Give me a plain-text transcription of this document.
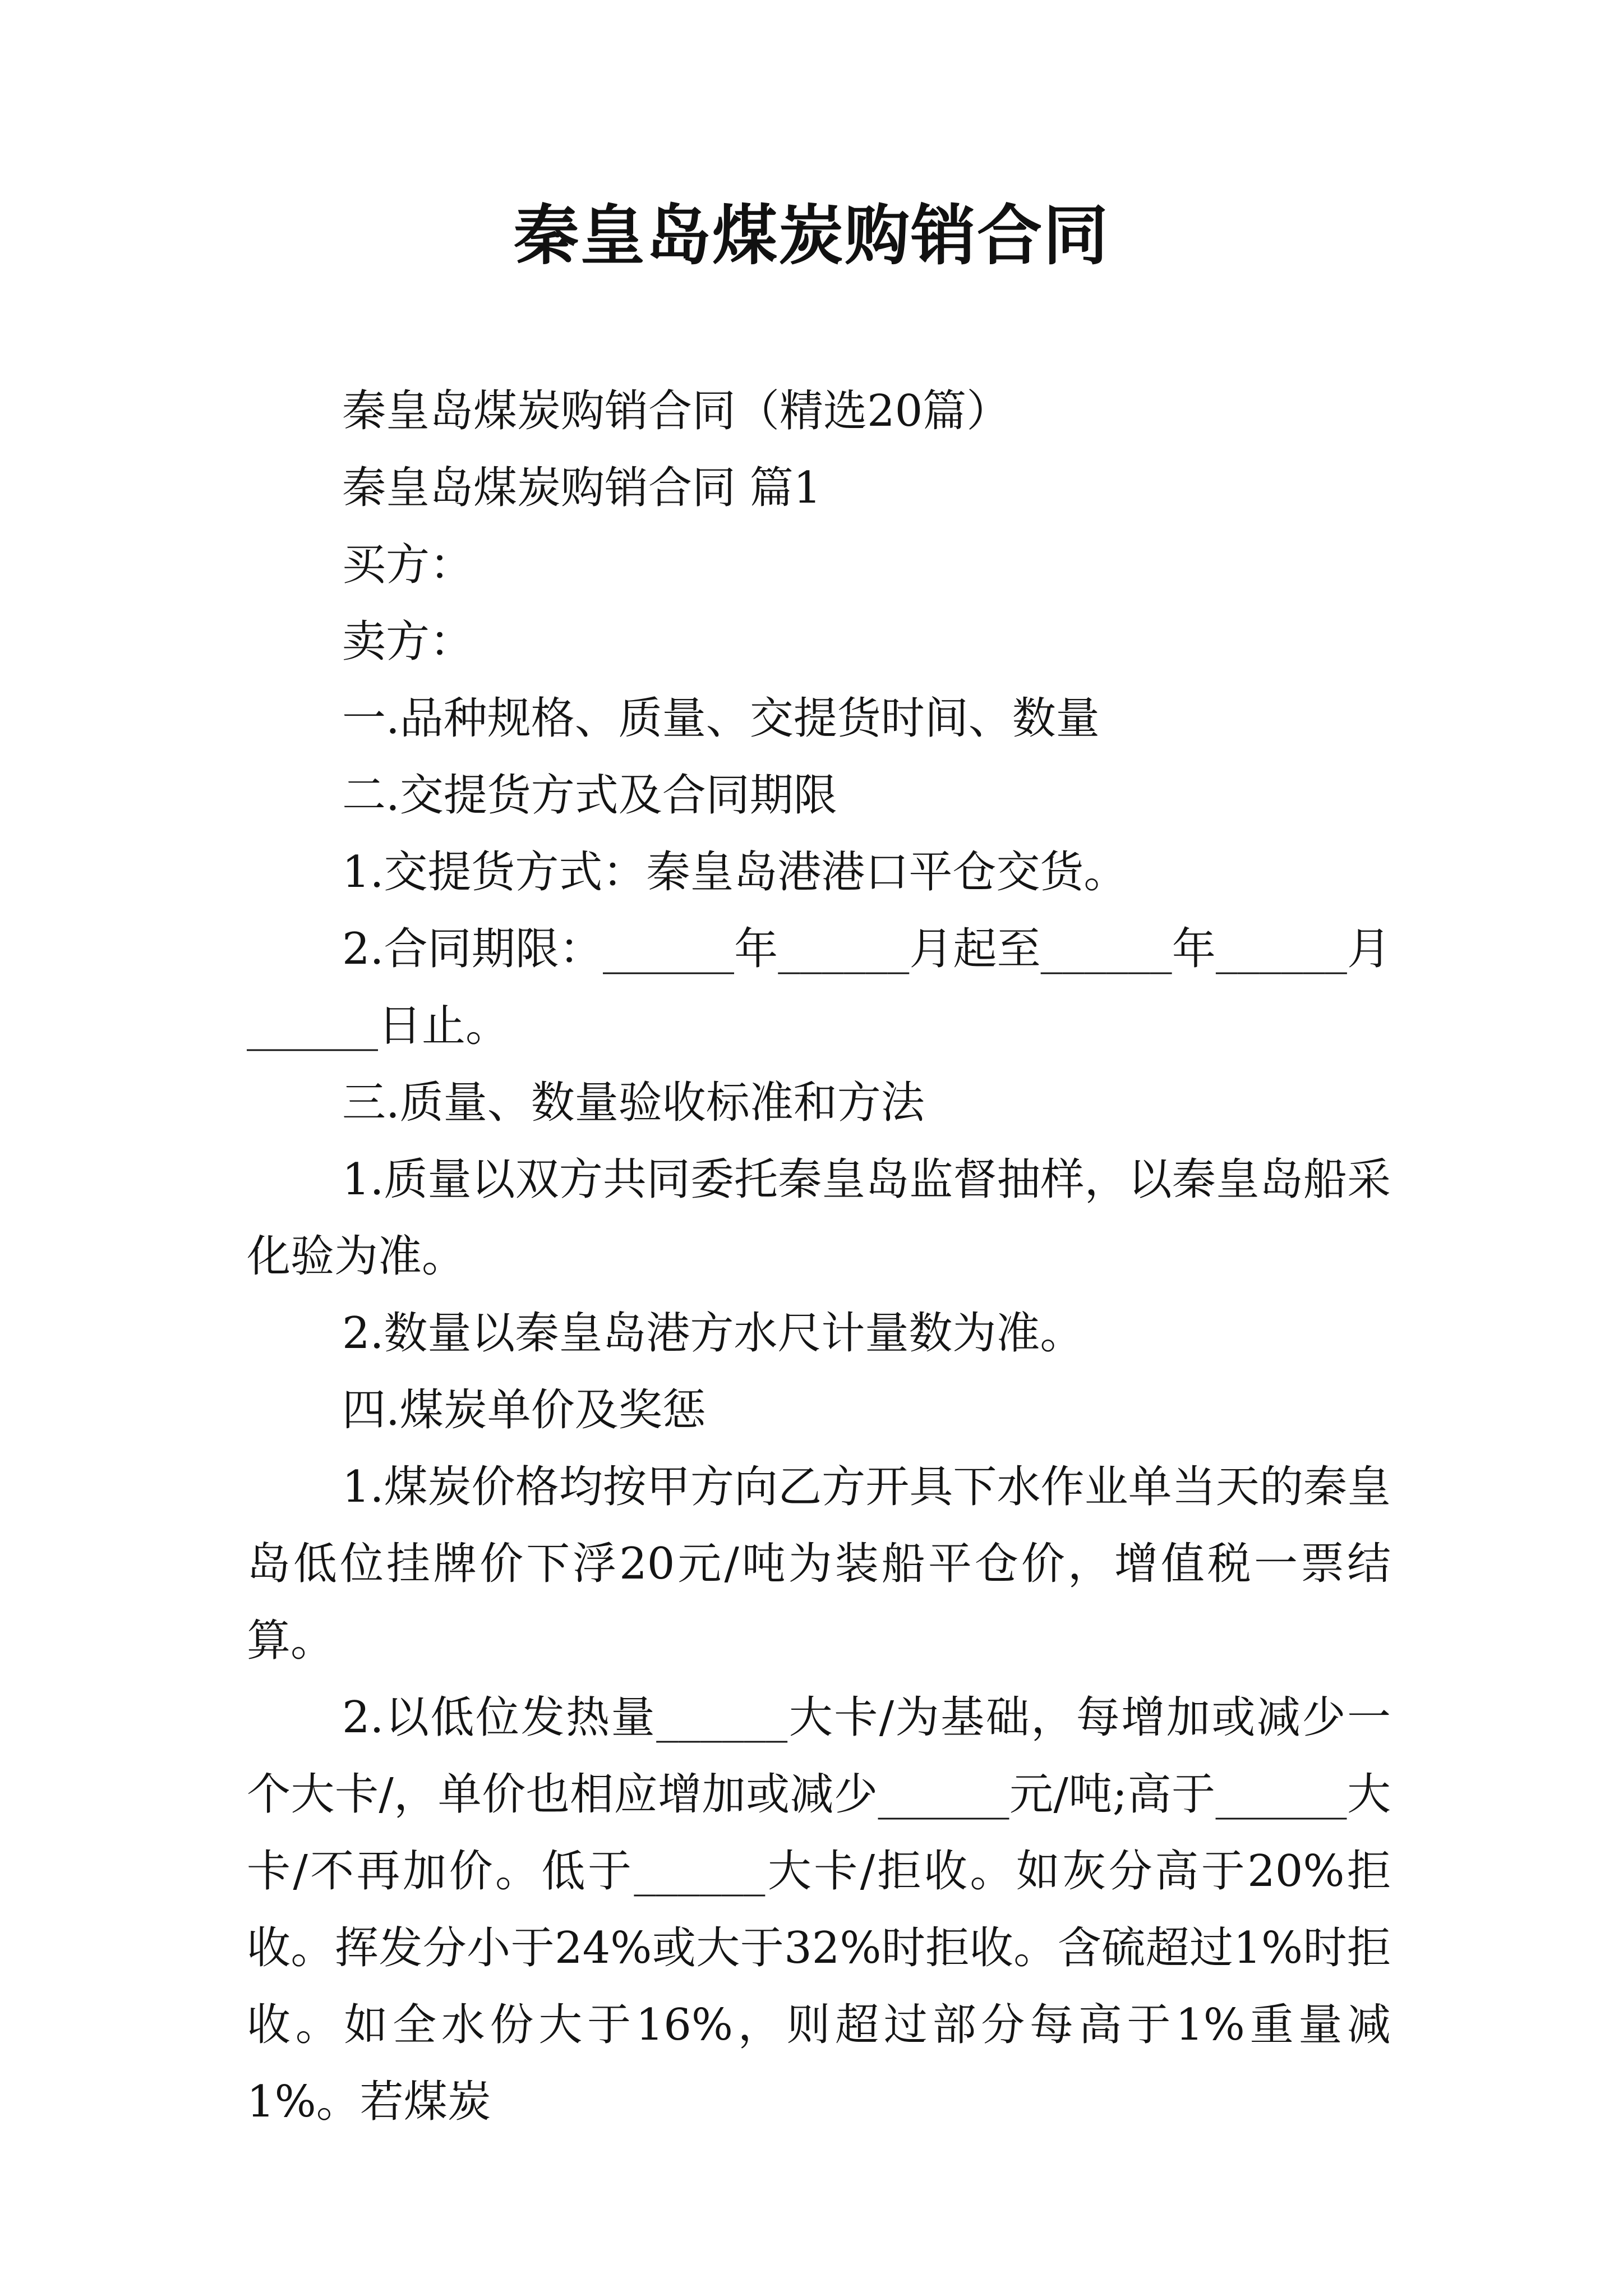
秦皇岛煤炭购销合同

秦皇岛煤炭购销合同（精选20篇）

秦皇岛煤炭购销合同 篇1

买方：

卖方：

一.品种规格、质量、交提货时间、数量

二.交提货方式及合同期限

1.交提货方式：秦皇岛港港口平仓交货。

2.合同期限：______年______月起至______年______月______日止。

三.质量、数量验收标准和方法

1.质量以双方共同委托秦皇岛监督抽样，以秦皇岛船采化验为准。

2.数量以秦皇岛港方水尺计量数为准。

四.煤炭单价及奖惩

1.煤炭价格均按甲方向乙方开具下水作业单当天的秦皇岛低位挂牌价下浮20元/吨为装船平仓价，增值税一票结算。

2.以低位发热量______大卡/为基础，每增加或减少一个大卡/，单价也相应增加或减少______元/吨;高于______大卡/不再加价。低于______大卡/拒收。如灰分高于20%拒收。挥发分小于24%或大于32%时拒收。含硫超过1%时拒收。如全水份大于16%，则超过部分每高于1%重量减1%。若煤炭
